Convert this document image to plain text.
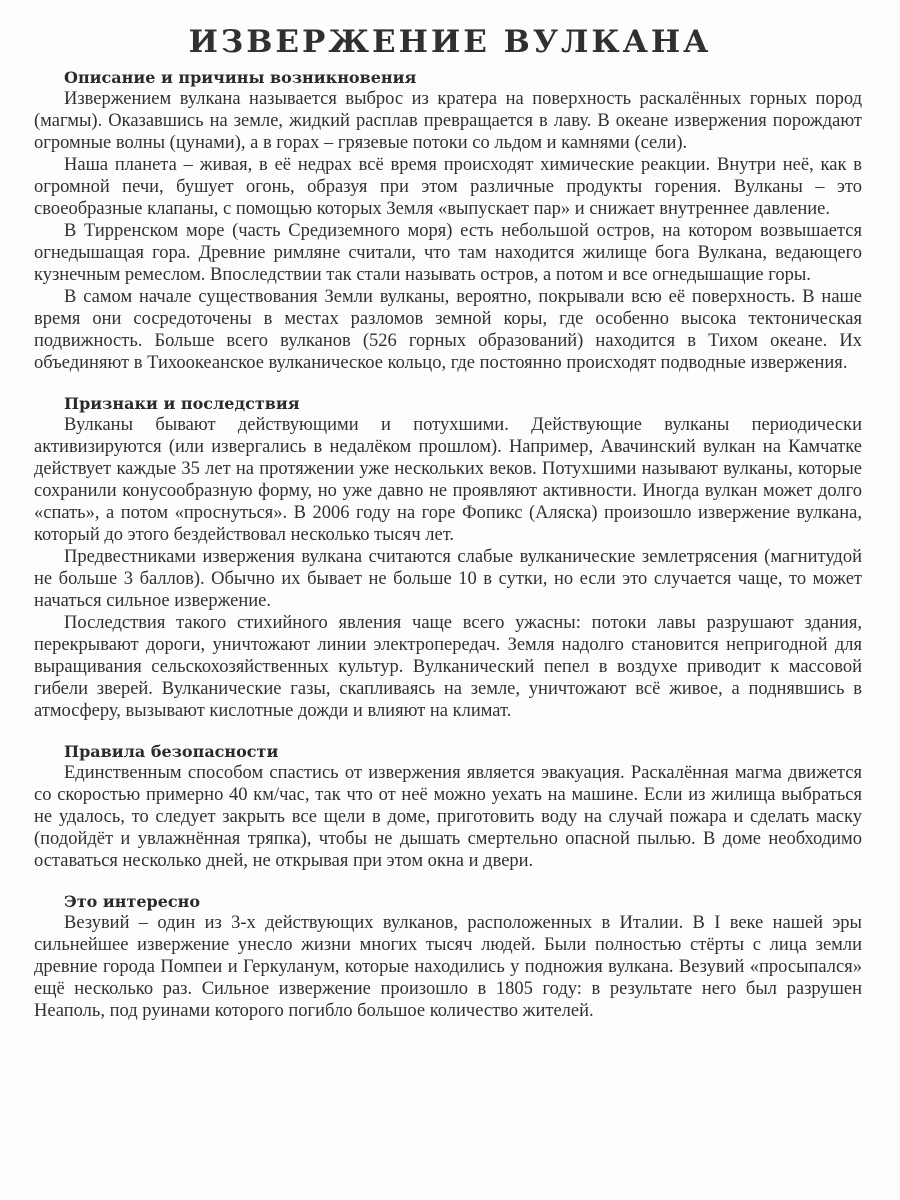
ИЗВЕРЖЕНИЕ ВУЛКАНА
Описание и причины возникновения

Извержением вулкана называется выброс из кратера на поверхность раскалённых горных пород (магмы). Оказавшись на земле, жидкий расплав превращается в лаву. В океане извержения порождают огромные волны (цунами), а в горах – грязевые потоки со льдом и камнями (сели).

Наша планета – живая, в её недрах всё время происходят химические реакции. Внутри неё, как в огромной печи, бушует огонь, образуя при этом различные продукты горения. Вулканы – это своеобразные клапаны, с помощью которых Земля «выпускает пар» и снижает внутреннее давление.

В Тирренском море (часть Средиземного моря) есть небольшой остров, на котором возвышается огнедышащая гора. Древние римляне считали, что там находится жилище бога Вулкана, ведающего кузнечным ремеслом. Впоследствии так стали называть остров, а потом и все огнедышащие горы.

В самом начале существования Земли вулканы, вероятно, покрывали всю её поверхность. В наше время они сосредоточены в местах разломов земной коры, где особенно высока тектоническая подвижность. Больше всего вулканов (526 горных образований) находится в Тихом океане. Их объединяют в Тихоокеанское вулканическое кольцо, где постоянно происходят подводные извержения.

Признаки и последствия

Вулканы бывают действующими и потухшими. Действующие вулканы периодически активизируются (или извергались в недалёком прошлом). Например, Авачинский вулкан на Камчатке действует каждые 35 лет на протяжении уже нескольких веков. Потухшими называют вулканы, которые сохранили конусообразную форму, но уже давно не проявляют активности. Иногда вулкан может долго «спать», а потом «проснуться». В 2006 году на горе Фопикс (Аляска) произошло извержение вулкана, который до этого бездействовал несколько тысяч лет.

Предвестниками извержения вулкана считаются слабые вулканические землетрясения (магнитудой не больше 3 баллов). Обычно их бывает не больше 10 в сутки, но если это случается чаще, то может начаться сильное извержение.

Последствия такого стихийного явления чаще всего ужасны: потоки лавы разрушают здания, перекрывают дороги, уничтожают линии электропередач. Земля надолго становится непригодной для выращивания сельскохозяйственных культур. Вулканический пепел в воздухе приводит к массовой гибели зверей. Вулканические газы, скапливаясь на земле, уничтожают всё живое, а поднявшись в атмосферу, вызывают кислотные дожди и влияют на климат.

Правила безопасности

Единственным способом спастись от извержения является эвакуация. Раскалённая магма движется со скоростью примерно 40 км/час, так что от неё можно уехать на машине. Если из жилища выбраться не удалось, то следует закрыть все щели в доме, приготовить воду на случай пожара и сделать маску (подойдёт и увлажнённая тряпка), чтобы не дышать смертельно опасной пылью. В доме необходимо оставаться несколько дней, не открывая при этом окна и двери.

Это интересно

Везувий – один из 3-х действующих вулканов, расположенных в Италии. В I веке нашей эры сильнейшее извержение унесло жизни многих тысяч людей. Были полностью стёрты с лица земли древние города Помпеи и Геркуланум, которые находились у подножия вулкана. Везувий «просыпался» ещё несколько раз. Сильное извержение произошло в 1805 году: в результате него был разрушен Неаполь, под руинами которого погибло большое количество жителей.
